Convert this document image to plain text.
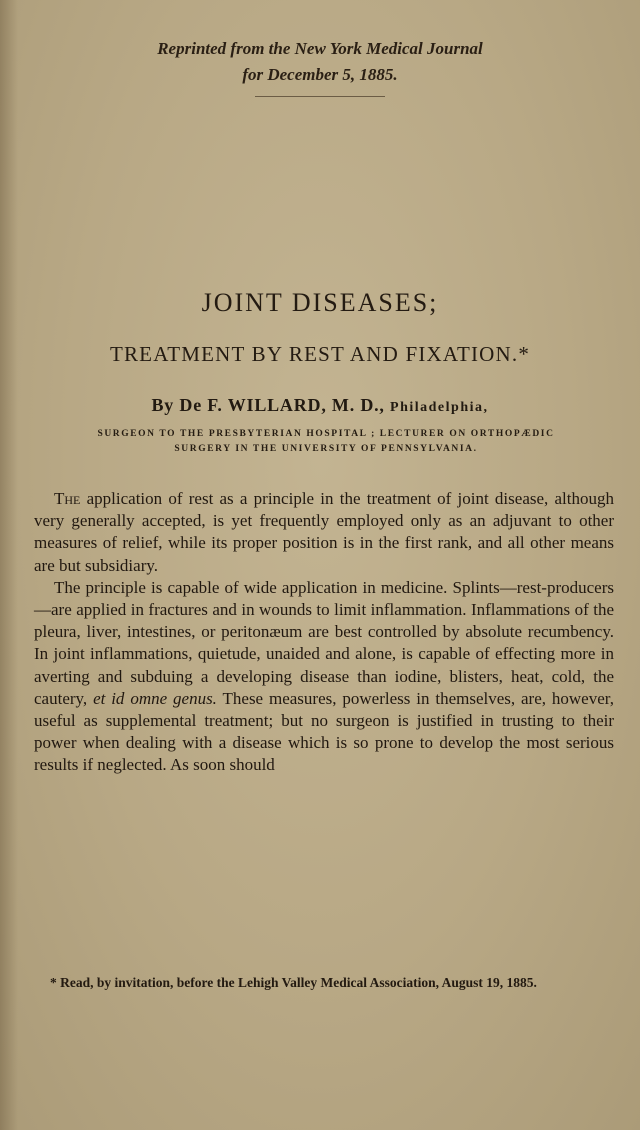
Reprinted from the New York Medical Journal
for December 5, 1885.
JOINT DISEASES;
TREATMENT BY REST AND FIXATION.*
By De F. WILLARD, M. D., Philadelphia,
SURGEON TO THE PRESBYTERIAN HOSPITAL ; LECTURER ON ORTHOPÆDIC
SURGERY IN THE UNIVERSITY OF PENNSYLVANIA.

The application of rest as a principle in the treatment of joint disease, although very generally accepted, is yet frequently employed only as an adjuvant to other measures of relief, while its proper position is in the first rank, and all other means are but subsidiary.

The principle is capable of wide application in medicine. Splints—rest-producers—are applied in fractures and in wounds to limit inflammation. Inflammations of the pleura, liver, intestines, or peritonæum are best controlled by absolute recumbency. In joint inflammations, quietude, unaided and alone, is capable of effecting more in averting and subduing a developing disease than iodine, blisters, heat, cold, the cautery, et id omne genus. These measures, powerless in themselves, are, however, useful as supplemental treatment; but no surgeon is justified in trusting to their power when dealing with a disease which is so prone to develop the most serious results if neglected. As soon should

* Read, by invitation, before the Lehigh Valley Medical Association, August 19, 1885.
